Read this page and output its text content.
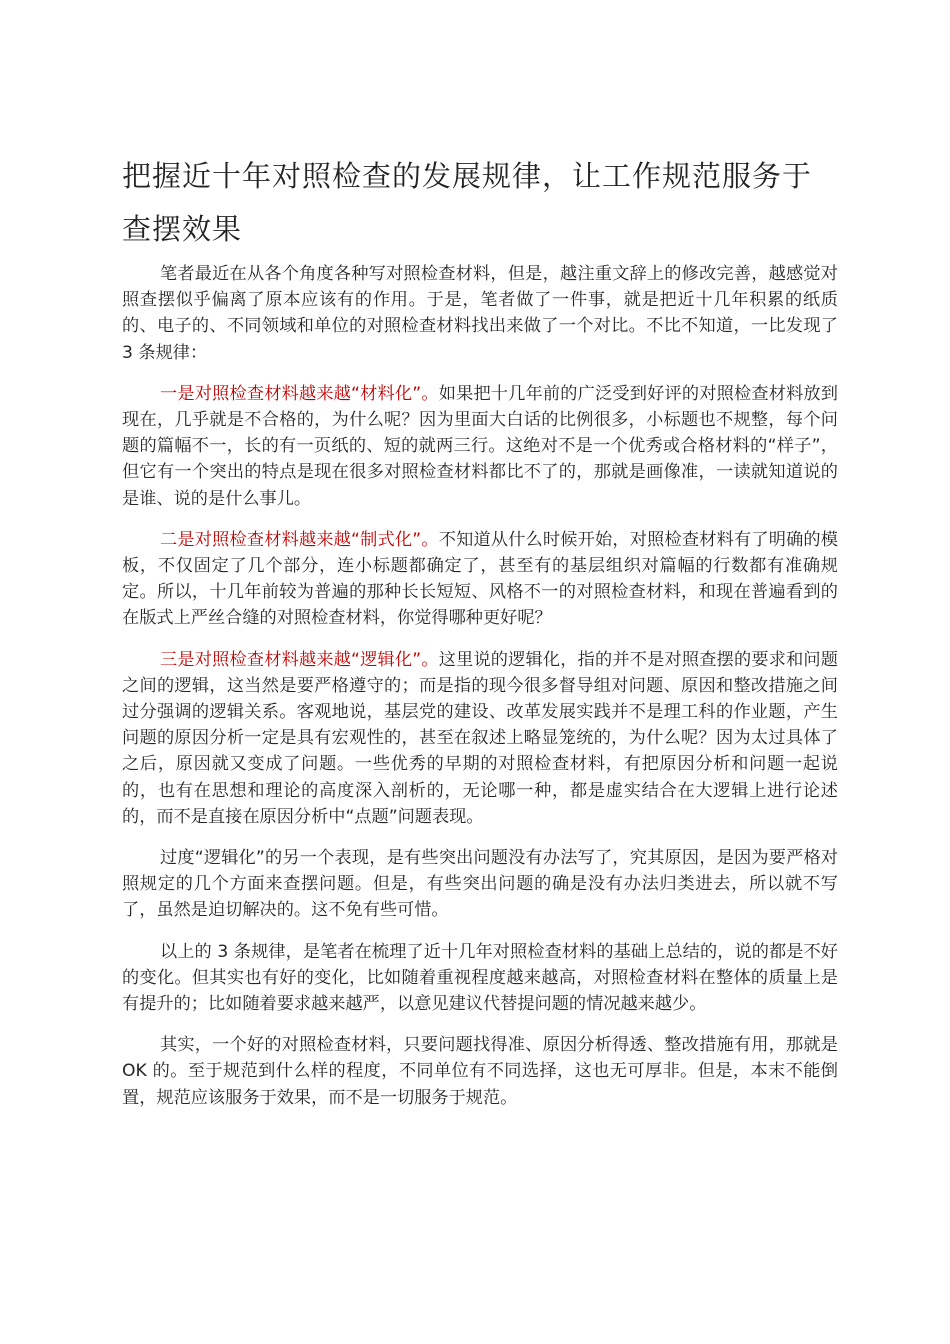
把握近十年对照检查的发展规律，让工作规范服务于查摆效果

笔者最近在从各个角度各种写对照检查材料，但是，越注重文辞上的修改完善，越感觉对照查摆似乎偏离了原本应该有的作用。于是，笔者做了一件事，就是把近十几年积累的纸质的、电子的、不同领域和单位的对照检查材料找出来做了一个对比。不比不知道，一比发现了 3 条规律：

一是对照检查材料越来越“材料化”。如果把十几年前的广泛受到好评的对照检查材料放到现在，几乎就是不合格的，为什么呢？因为里面大白话的比例很多，小标题也不规整，每个问题的篇幅不一，长的有一页纸的、短的就两三行。这绝对不是一个优秀或合格材料的“样子”，但它有一个突出的特点是现在很多对照检查材料都比不了的，那就是画像准，一读就知道说的是谁、说的是什么事儿。

二是对照检查材料越来越“制式化”。不知道从什么时候开始，对照检查材料有了明确的模板，不仅固定了几个部分，连小标题都确定了，甚至有的基层组织对篇幅的行数都有准确规定。所以，十几年前较为普遍的那种长长短短、风格不一的对照检查材料，和现在普遍看到的在版式上严丝合缝的对照检查材料，你觉得哪种更好呢？

三是对照检查材料越来越“逻辑化”。这里说的逻辑化，指的并不是对照查摆的要求和问题之间的逻辑，这当然是要严格遵守的；而是指的现今很多督导组对问题、原因和整改措施之间过分强调的逻辑关系。客观地说，基层党的建设、改革发展实践并不是理工科的作业题，产生问题的原因分析一定是具有宏观性的，甚至在叙述上略显笼统的，为什么呢？因为太过具体了之后，原因就又变成了问题。一些优秀的早期的对照检查材料，有把原因分析和问题一起说的，也有在思想和理论的高度深入剖析的，无论哪一种，都是虚实结合在大逻辑上进行论述的，而不是直接在原因分析中“点题”问题表现。

过度“逻辑化”的另一个表现，是有些突出问题没有办法写了，究其原因，是因为要严格对照规定的几个方面来查摆问题。但是，有些突出问题的确是没有办法归类进去，所以就不写了，虽然是迫切解决的。这不免有些可惜。

以上的 3 条规律，是笔者在梳理了近十几年对照检查材料的基础上总结的，说的都是不好的变化。但其实也有好的变化，比如随着重视程度越来越高，对照检查材料在整体的质量上是有提升的；比如随着要求越来越严，以意见建议代替提问题的情况越来越少。

其实，一个好的对照检查材料，只要问题找得准、原因分析得透、整改措施有用，那就是 OK 的。至于规范到什么样的程度，不同单位有不同选择，这也无可厚非。但是，本末不能倒置，规范应该服务于效果，而不是一切服务于规范。
